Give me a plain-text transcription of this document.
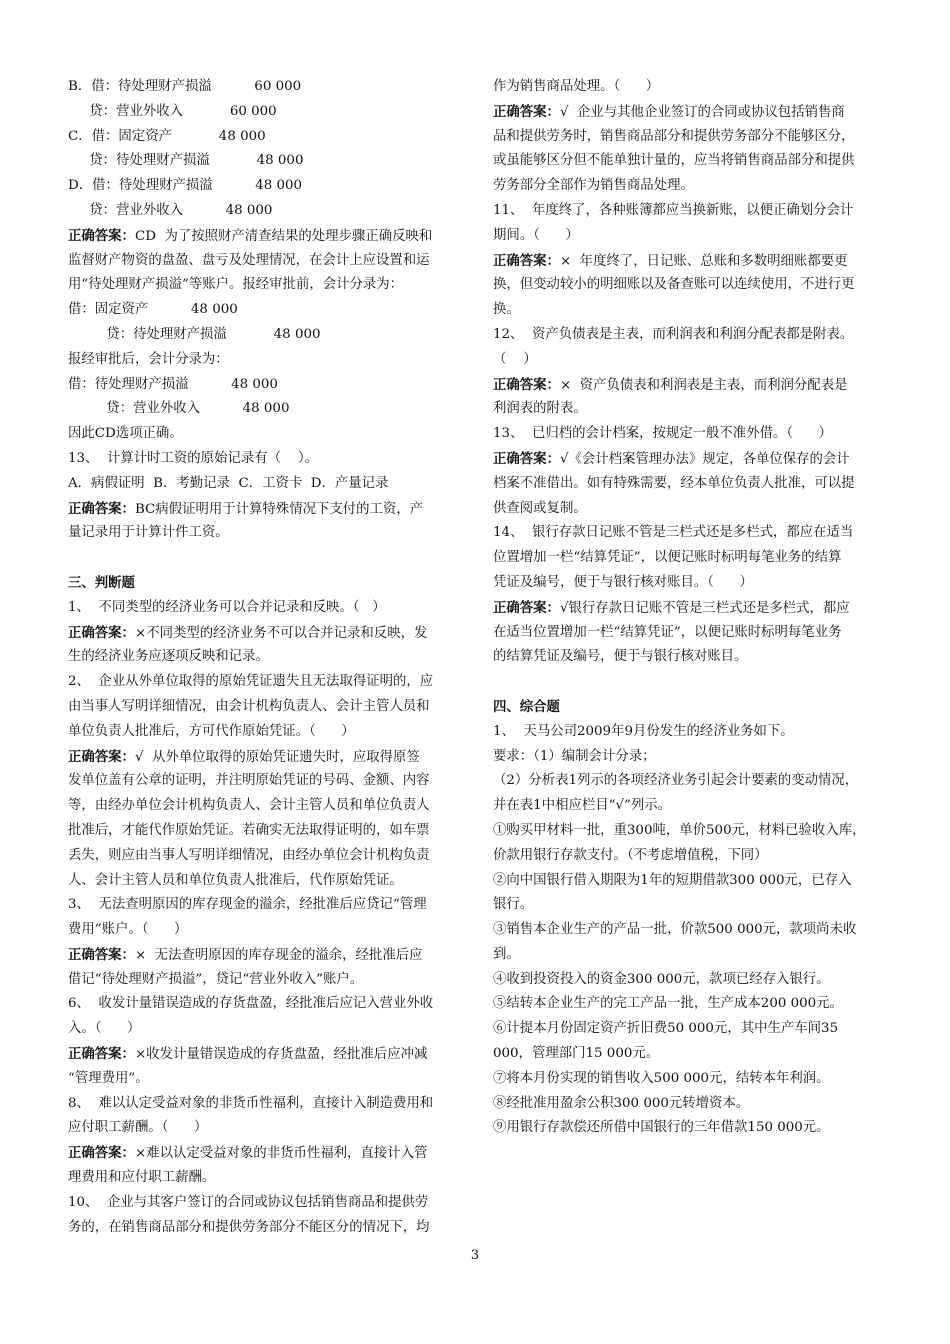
B．借：待处理财产损溢          60 000
贷：营业外收入           60 000
C．借：固定资产           48 000
贷：待处理财产损溢           48 000
D．借：待处理财产损溢          48 000
贷：营业外收入          48 000
正确答案：CD  为了按照财产清查结果的处理步骤正确反映和
监督财产物资的盘盈、盘亏及处理情况，在会计上应设置和运
用“待处理财产损溢”等账户。报经审批前，会计分录为：
借：固定资产          48 000
贷：待处理财产损溢           48 000
报经审批后，会计分录为：
借：待处理财产损溢          48 000
贷：营业外收入          48 000
因此CD选项正确。
13、  计算计时工资的原始记录有（    ）。
A．病假证明  B．考勤记录  C．工资卡  D．产量记录
正确答案：BC病假证明用于计算特殊情况下支付的工资，产
量记录用于计算计件工资。
三、判断题
1、  不同类型的经济业务可以合并记录和反映。（   ）
正确答案：×不同类型的经济业务不可以合并记录和反映，发
生的经济业务应逐项反映和记录。
2、  企业从外单位取得的原始凭证遗失且无法取得证明的，应
由当事人写明详细情况，由会计机构负责人、会计主管人员和
单位负责人批准后，方可代作原始凭证。（      ）
正确答案：√  从外单位取得的原始凭证遗失时，应取得原签
发单位盖有公章的证明，并注明原始凭证的号码、金额、内容
等，由经办单位会计机构负责人、会计主管人员和单位负责人
批准后，才能代作原始凭证。若确实无法取得证明的，如车票
丢失，则应由当事人写明详细情况，由经办单位会计机构负责
人、会计主管人员和单位负责人批准后，代作原始凭证。
3、  无法查明原因的库存现金的溢余，经批准后应贷记“管理
费用”账户。（      ）
正确答案：×  无法查明原因的库存现金的溢余，经批准后应
借记“待处理财产损溢”，贷记“营业外收入”账户。
6、  收发计量错误造成的存货盘盈，经批准后应记入营业外收
入。（      ）
正确答案：×收发计量错误造成的存货盘盈，经批准后应冲减
“管理费用”。
8、  难以认定受益对象的非货币性福利，直接计入制造费用和
应付职工薪酬。（      ）
正确答案：×难以认定受益对象的非货币性福利，直接计入管
理费用和应付职工薪酬。
10、  企业与其客户签订的合同或协议包括销售商品和提供劳
务的，在销售商品部分和提供劳务部分不能区分的情况下，均
作为销售商品处理。（      ）
正确答案：√  企业与其他企业签订的合同或协议包括销售商
品和提供劳务时，销售商品部分和提供劳务部分不能够区分，
或虽能够区分但不能单独计量的，应当将销售商品部分和提供
劳务部分全部作为销售商品处理。
11、  年度终了，各种账簿都应当换新账，以便正确划分会计
期间。（      ）
正确答案：×  年度终了，日记账、总账和多数明细账都要更
换，但变动较小的明细账以及备查账可以连续使用，不进行更
换。
12、  资产负债表是主表，而利润表和利润分配表都是附表。
（    ）
正确答案：×  资产负债表和利润表是主表，而利润分配表是
利润表的附表。
13、  已归档的会计档案，按规定一般不准外借。（      ）
正确答案：√《会计档案管理办法》规定，各单位保存的会计
档案不准借出。如有特殊需要，经本单位负责人批准，可以提
供查阅或复制。
14、  银行存款日记账不管是三栏式还是多栏式，都应在适当
位置增加一栏“结算凭证”，以便记账时标明每笔业务的结算
凭证及编号，便于与银行核对账目。（      ）
正确答案：√银行存款日记账不管是三栏式还是多栏式，都应
在适当位置增加一栏“结算凭证”，以便记账时标明每笔业务
的结算凭证及编号，便于与银行核对账目。
四、综合题
1、  天马公司2009年9月份发生的经济业务如下。
要求：（1）编制会计分录；
（2）分析表1列示的各项经济业务引起会计要素的变动情况，
并在表1中相应栏目“√”列示。
①购买甲材料一批，重300吨，单价500元，材料已验收入库，
价款用银行存款支付。（不考虑增值税，下同）
②向中国银行借入期限为1年的短期借款300 000元，已存入
银行。
③销售本企业生产的产品一批，价款500 000元，款项尚未收
到。
④收到投资投入的资金300 000元，款项已经存入银行。
⑤结转本企业生产的完工产品一批，生产成本200 000元。
⑥计提本月份固定资产折旧费50 000元，其中生产车间35
000，管理部门15 000元。
⑦将本月份实现的销售收入500 000元，结转本年利润。
⑧经批准用盈余公积300 000元转增资本。
⑨用银行存款偿还所借中国银行的三年借款150 000元。
3
